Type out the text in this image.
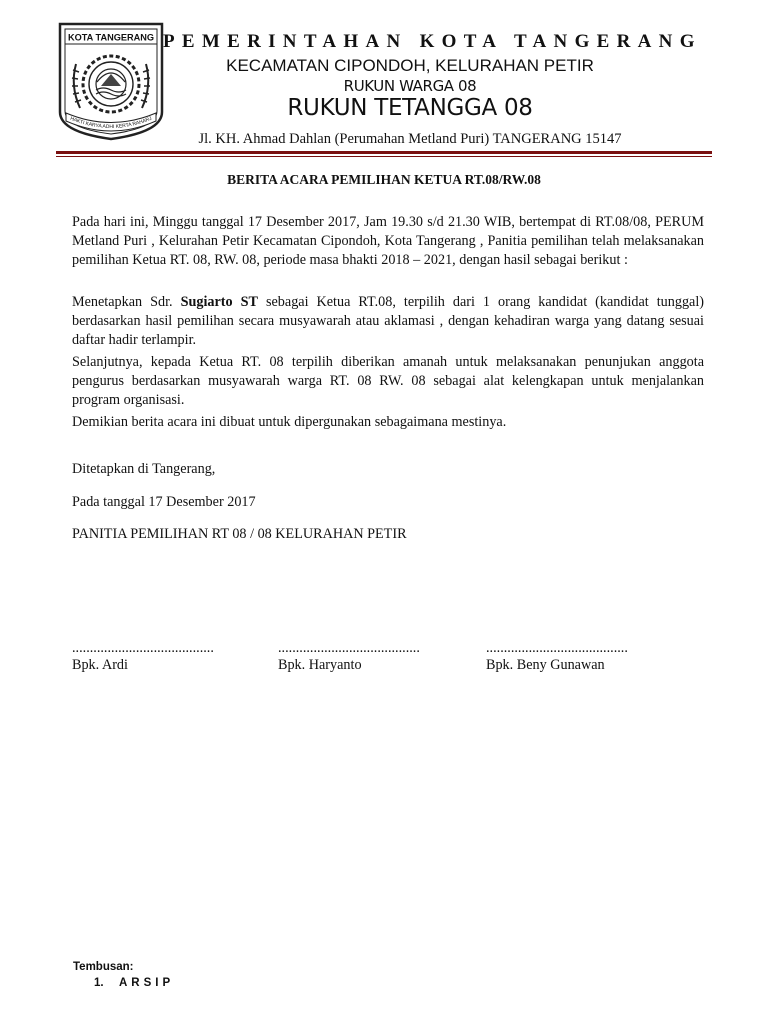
KOTA TANGERANG
HAKTI KARYA ADHI KERTA RAHARJ
PEMERINTAHAN KOTA TANGERANG
KECAMATAN CIPONDOH, KELURAHAN PETIR
RUKUN WARGA 08
RUKUN TETANGGA 08
Jl. KH. Ahmad Dahlan (Perumahan Metland Puri) TANGERANG 15147
BERITA ACARA PEMILIHAN KETUA RT.08/RW.08

Pada hari ini, Minggu tanggal 17 Desember 2017, Jam 19.30 s/d 21.30 WIB, bertempat di RT.08/08, PERUM Metland Puri , Kelurahan Petir Kecamatan Cipondoh, Kota Tangerang , Panitia pemilihan telah melaksanakan pemilihan Ketua RT. 08, RW. 08, periode masa bhakti 2018 – 2021, dengan hasil sebagai berikut :

Menetapkan Sdr. Sugiarto ST sebagai Ketua RT.08, terpilih dari 1 orang kandidat (kandidat tunggal) berdasarkan hasil pemilihan secara musyawarah atau aklamasi , dengan kehadiran warga yang datang sesuai daftar hadir terlampir.

Selanjutnya, kepada Ketua RT. 08 terpilih diberikan amanah untuk melaksanakan penunjukan anggota pengurus berdasarkan musyawarah warga RT. 08 RW. 08 sebagai alat kelengkapan untuk menjalankan program organisasi.

Demikian berita acara ini dibuat untuk dipergunakan sebagaimana mestinya.

Ditetapkan di Tangerang,
Pada tanggal 17 Desember 2017
PANITIA PEMILIHAN RT 08 / 08 KELURAHAN PETIR
........................................
Bpk. Ardi
........................................
Bpk. Haryanto
........................................
Bpk. Beny Gunawan
Tembusan:
1. ARSIP
